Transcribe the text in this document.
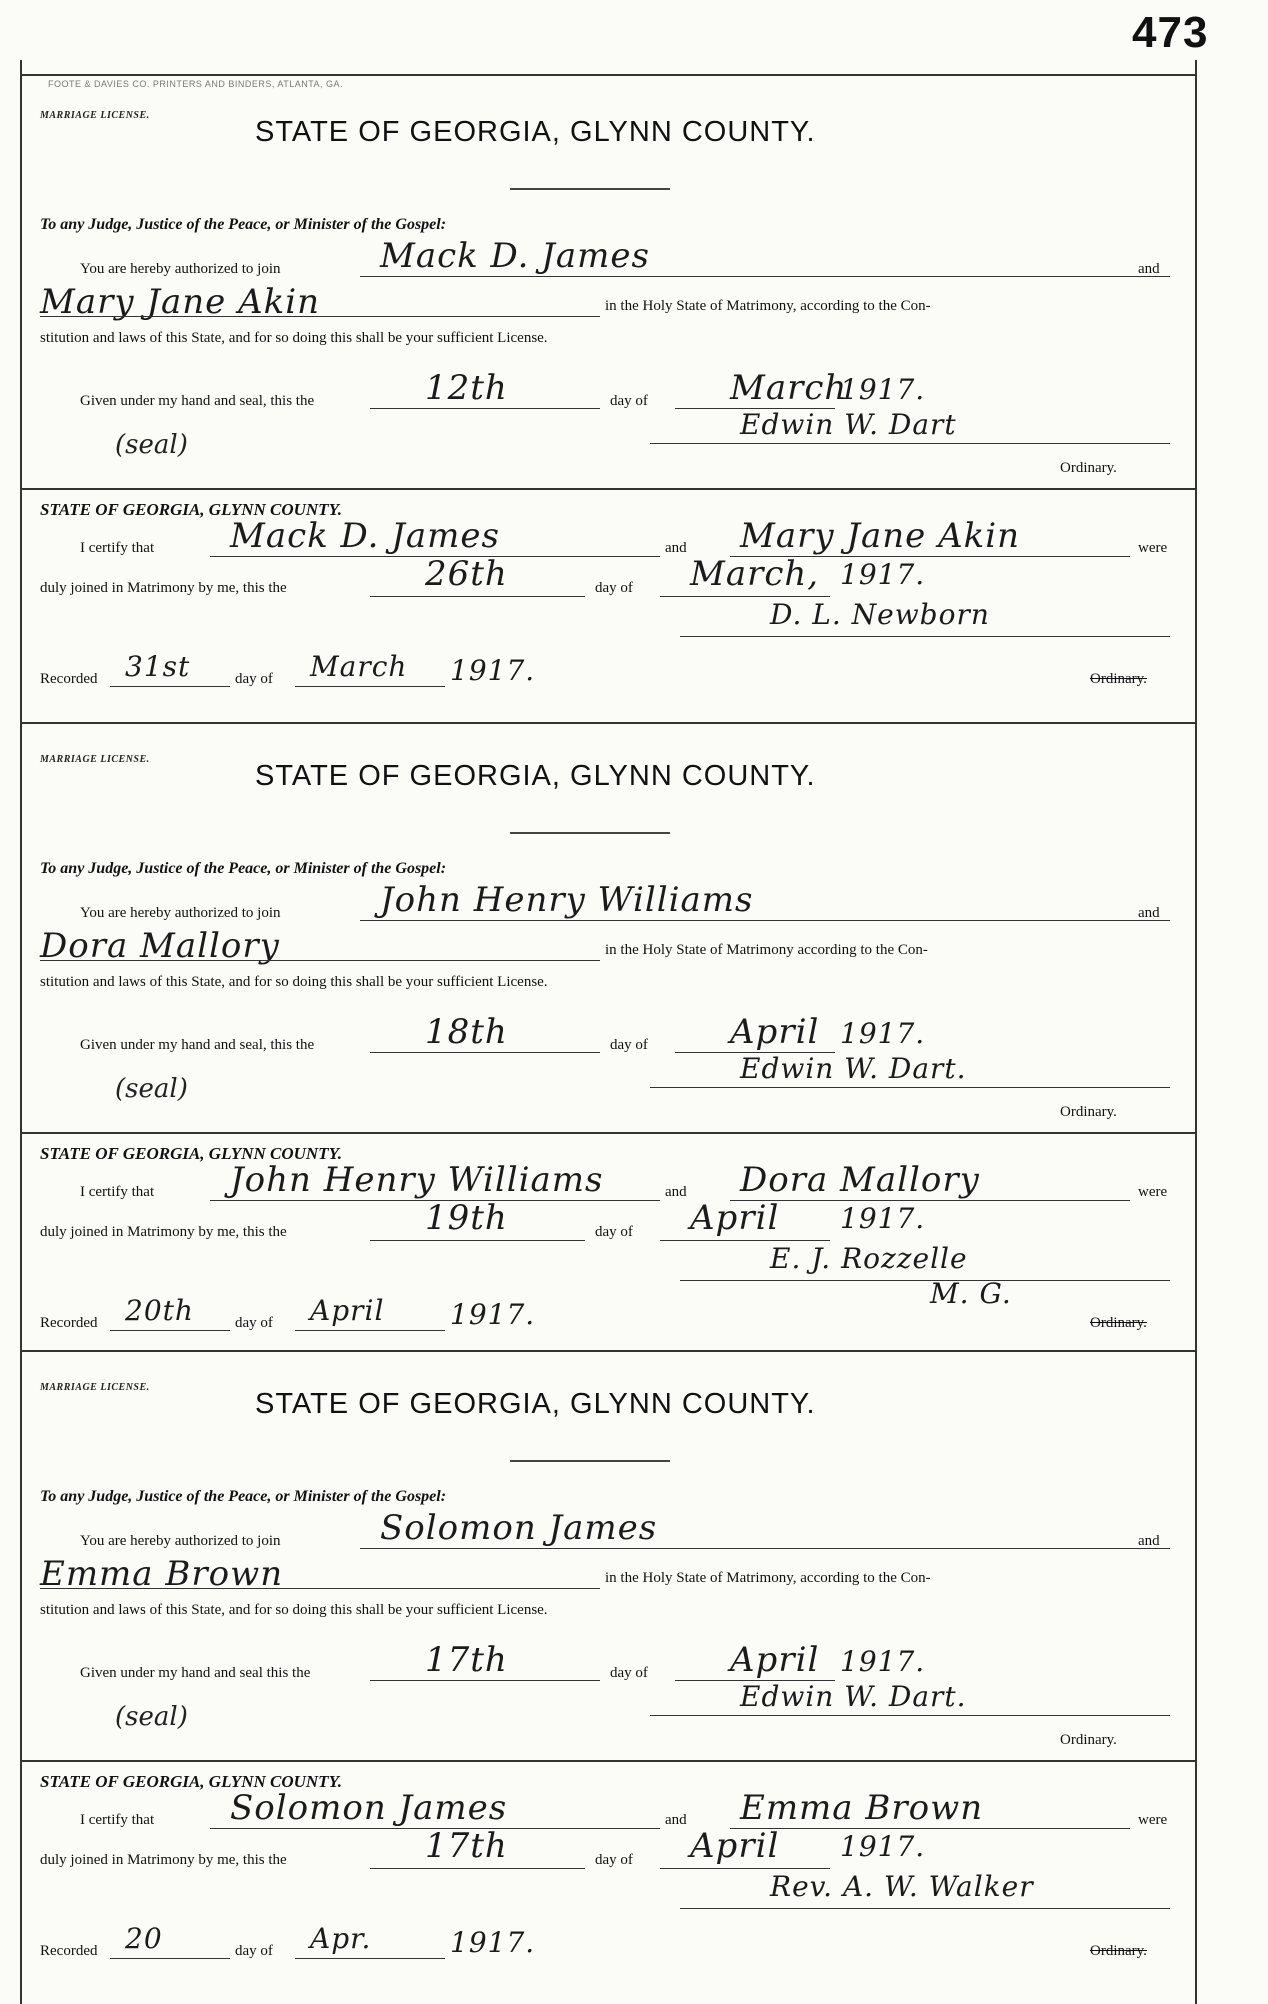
473
FOOTE & DAVIES CO. PRINTERS AND BINDERS, ATLANTA, GA.
MARRIAGE LICENSE.
STATE OF GEORGIA, GLYNN COUNTY.
To any Judge, Justice of the Peace, or Minister of the Gospel:
You are hereby authorized to join	Mack D. James	and
Mary Jane Akin	in the Holy State of Matrimony, according to the Con-
stitution and laws of this State, and for so doing this shall be your sufficient License.
Given under my hand and seal, this the	12th	day of March
1917.
(seal)
Edwin W. Dart
Ordinary.
STATE OF GEORGIA, GLYNN COUNTY.
I certify that Mack D. James	and Mary Jane Akin	were
duly joined in Matrimony by me, this the	26th	day of March, 1917.
D. L. Newborn
Recorded 31st	day of March 1917.	Ordinary.
MARRIAGE LICENSE.
STATE OF GEORGIA, GLYNN COUNTY.
To any Judge, Justice of the Peace, or Minister of the Gospel:
You are hereby authorized to join	John Henry Williams	and
Dora Mallory	in the Holy State of Matrimony according to the Con-
stitution and laws of this State, and for so doing this shall be your sufficient License.
Given under my hand and seal, this the	18th	day of April 1917.
(seal)
Edwin W. Dart.
Ordinary.
STATE OF GEORGIA, GLYNN COUNTY.
I certify that John Henry Williams	and Dora Mallory	were
duly joined in Matrimony by me, this the	19th	day of April 1917.
E. J. Rozzelle
M. G.
Recorded 20th	day of April 1917.	Ordinary.
MARRIAGE LICENSE.
STATE OF GEORGIA, GLYNN COUNTY.
To any Judge, Justice of the Peace, or Minister of the Gospel:
You are hereby authorized to join	Solomon James	and
Emma Brown	in the Holy State of Matrimony, according to the Con-
stitution and laws of this State, and for so doing this shall be your sufficient License.
Given under my hand and seal this the	17th	day of April 1917.
(seal)
Edwin W. Dart.
Ordinary.
STATE OF GEORGIA, GLYNN COUNTY.
I certify that Solomon James	and Emma Brown	were
duly joined in Matrimony by me, this the	17th	day of April 1917.
Rev. A. W. Walker
Recorded 20	day of Apr.	1917.	Ordinary.
